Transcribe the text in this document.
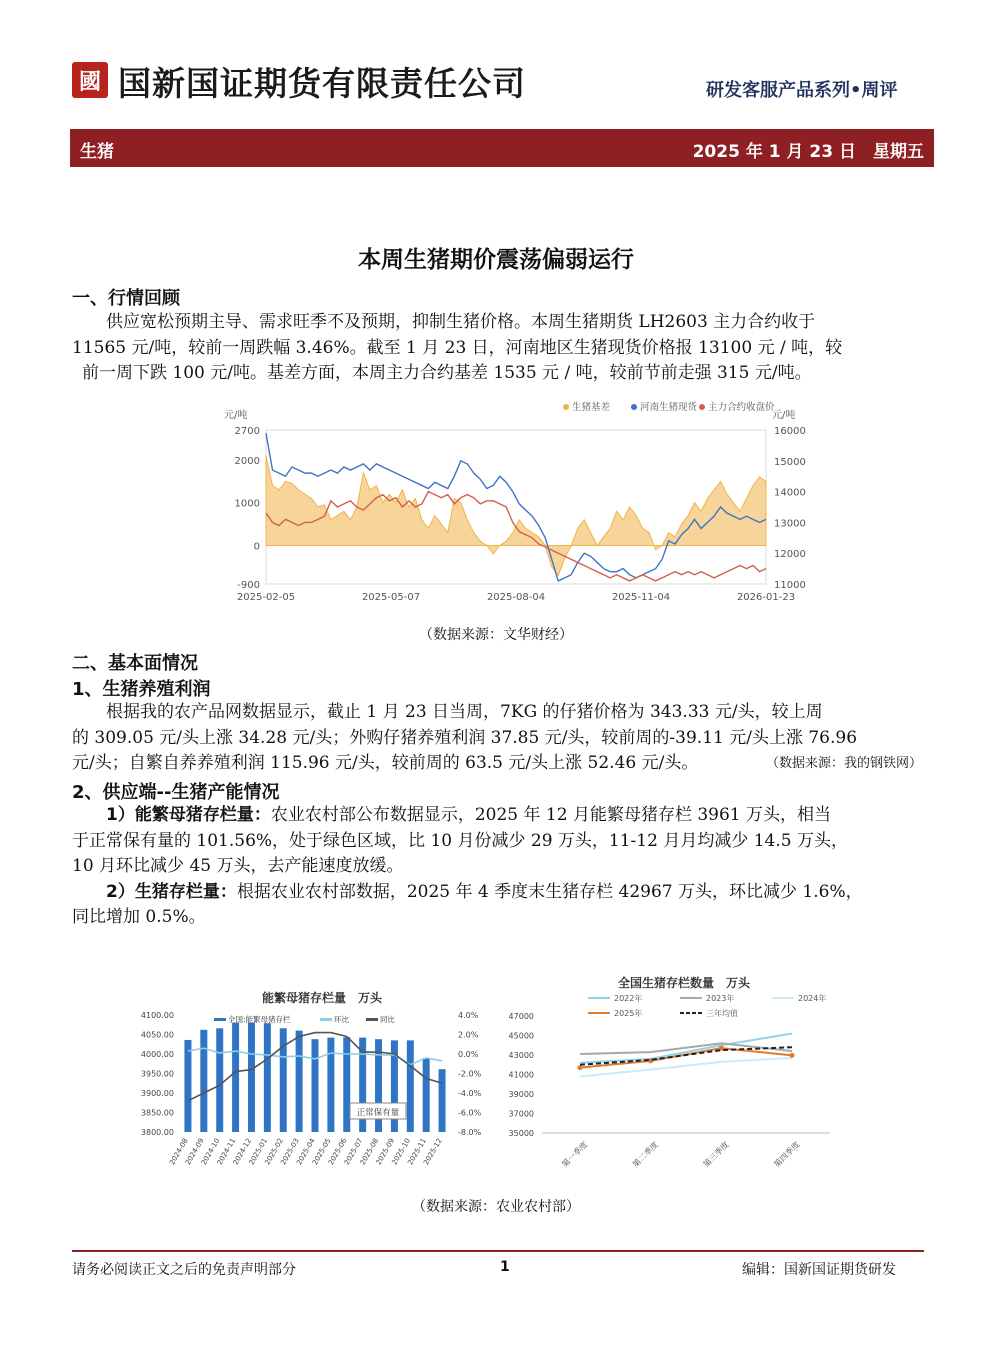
國 国新国证期货有限责任公司	研发客服产品系列•周评
生猪	2025 年 1 月 23 日　星期五
本周生猪期价震荡偏弱运行
一、行情回顾
供应宽松预期主导、需求旺季不及预期，抑制生猪价格。本周生猪期货 LH2603 主力合约收于
11565 元/吨，较前一周跌幅 3.46%。截至 1 月 23 日，河南地区生猪现货价格报 13100 元 / 吨，较
前一周下跌 100 元/吨。基差方面，本周主力合约基差 1535 元 / 吨，较前节前走强 315 元/吨。
元/吨	元/吨
2700
2000
1000
0
-900
16000
15000
14000
13000
12000
11000
2025-02-05	2025-05-07	2025-08-04	2025-11-04	2026-01-23
生猪基差	河南生猪现货 主力合约收盘价
（数据来源：文华财经）
二、基本面情况
1、生猪养殖利润
根据我的农产品网数据显示，截止 1 月 23 日当周，7KG 的仔猪价格为 343.33 元/头，较上周
的 309.05 元/头上涨 34.28 元/头；外购仔猪养殖利润 37.85 元/头，较前周的-39.11 元/头上涨 76.96
元/头；自繁自养养殖利润 115.96 元/头，较前周的 63.5 元/头上涨 52.46 元/头。	（数据来源：我的钢铁网）
2、供应端--生猪产能情况
1）能繁母猪存栏量：农业农村部公布数据显示，2025 年 12 月能繁母猪存栏 3961 万头，相当
于正常保有量的 101.56%，处于绿色区域，比 10 月份减少 29 万头，11-12 月月均减少 14.5 万头，
10 月环比减少 45 万头，去产能速度放缓。
2）生猪存栏量：根据农业农村部数据，2025 年 4 季度末生猪存栏 42967 万头，环比减少 1.6%，
同比增加 0.5%。
能繁母猪存栏量　万头
4100.00
4050.00
4000.00
3950.00
3900.00
3850.00
3800.00
4.0%
2.0%
0.0%
-2.0%
-4.0%
-6.0%
-8.0%
2024-08
2024-09
2024-10
2024-11
2024-12
2025-01
2025-02
2025-03
2025-04
2025-05
2025-06
2025-07
2025-08
2025-09
2025-10
2025-11
2025-12
全国:能繁母猪存栏	环比	同比
正常保有量
全国生猪存栏数量　万头
47000
45000
43000
41000
39000
37000
35000
第一季度	第二季度	第三季度	第四季度
2022年	2023年	2024年
2025年	三年均值
（数据来源：农业农村部）
请务必阅读正文之后的免责声明部分	1	编辑：国新国证期货研发
